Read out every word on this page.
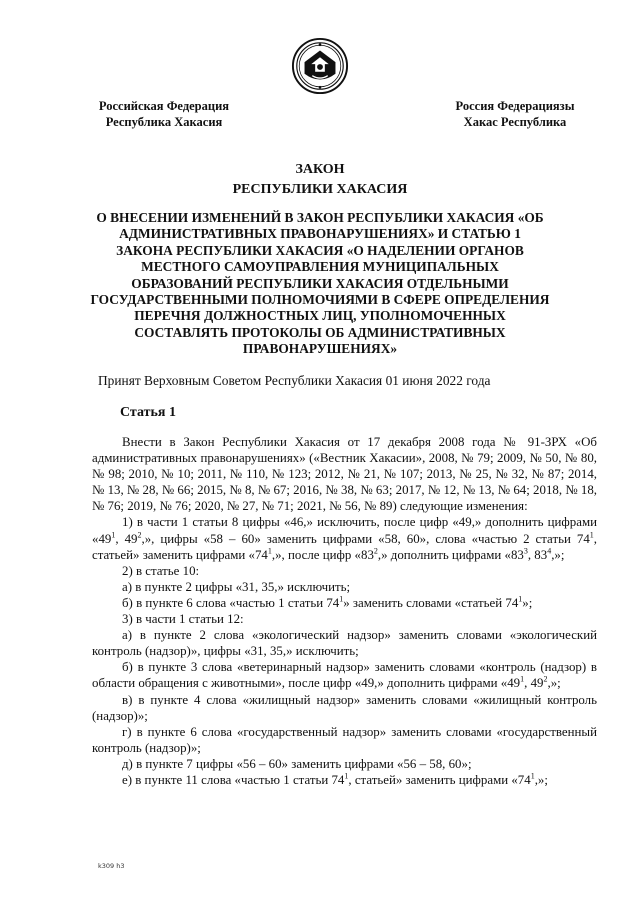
Российская Федерация
Республика Хакасия
Россия Федерациязы
Хакас Республика
ЗАКОН
РЕСПУБЛИКИ ХАКАСИЯ
О ВНЕСЕНИИ ИЗМЕНЕНИЙ В ЗАКОН РЕСПУБЛИКИ ХАКАСИЯ «ОБ АДМИНИСТРАТИВНЫХ ПРАВОНАРУШЕНИЯХ» И СТАТЬЮ 1 ЗАКОНА РЕСПУБЛИКИ ХАКАСИЯ «О НАДЕЛЕНИИ ОРГАНОВ МЕСТНОГО САМОУПРАВЛЕНИЯ МУНИЦИПАЛЬНЫХ ОБРАЗОВАНИЙ РЕСПУБЛИКИ ХАКАСИЯ ОТДЕЛЬНЫМИ ГОСУДАРСТВЕННЫМИ ПОЛНОМОЧИЯМИ В СФЕРЕ ОПРЕДЕЛЕНИЯ ПЕРЕЧНЯ ДОЛЖНОСТНЫХ ЛИЦ, УПОЛНОМОЧЕННЫХ СОСТАВЛЯТЬ ПРОТОКОЛЫ ОБ АДМИНИСТРАТИВНЫХ ПРАВОНАРУШЕНИЯХ»
Принят Верховным Советом Республики Хакасия 01 июня 2022 года
Статья 1

Внести в Закон Республики Хакасия от 17 декабря 2008 года № 91-ЗРХ «Об административных правонарушениях» («Вестник Хакасии», 2008, № 79; 2009, № 50, № 80, № 98; 2010, № 10; 2011, № 110, № 123; 2012, № 21, № 107; 2013, № 25, № 32, № 87; 2014, № 13, № 28, № 66; 2015, № 8, № 67; 2016, № 38, № 63; 2017, № 12, № 13, № 64; 2018, № 18, № 76; 2019, № 76; 2020, № 27, № 71; 2021, № 56, № 89) следующие изменения:

1) в части 1 статьи 8 цифры «46,» исключить, после цифр «49,» дополнить цифрами «$49^1$, $49^2$,», цифры «58 – 60» заменить цифрами «58, 60», слова «частью 2 статьи $74^1$, статьей» заменить цифрами «$74^1$,», после цифр «$83^2$,» дополнить цифрами «$83^3$, $83^4$,»;

2) в статье 10:

а) в пункте 2 цифры «31, 35,» исключить;

б) в пункте 6 слова «частью 1 статьи $74^1$» заменить словами «статьей $74^1$»;

3) в части 1 статьи 12:

а) в пункте 2 слова «экологический надзор» заменить словами «экологический контроль (надзор)», цифры «31, 35,» исключить;

б) в пункте 3 слова «ветеринарный надзор» заменить словами «контроль (надзор) в области обращения с животными», после цифр «49,» дополнить цифрами «$49^1$, $49^2$,»;

в) в пункте 4 слова «жилищный надзор» заменить словами «жилищный контроль (надзор)»;

г) в пункте 6 слова «государственный надзор» заменить словами «государственный контроль (надзор)»;

д) в пункте 7 цифры «56 – 60» заменить цифрами «56 – 58, 60»;

е) в пункте 11 слова «частью 1 статьи $74^1$, статьей» заменить цифрами «$74^1$,»;

k309 h3
